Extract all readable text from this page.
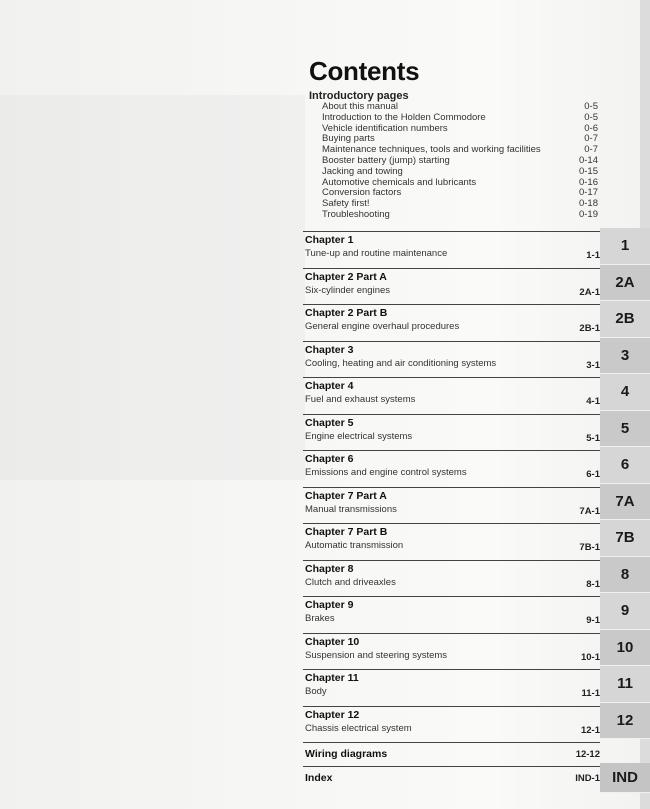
Contents
Introductory pages
About this manual	0-5
Introduction to the Holden Commodore	0-5
Vehicle identification numbers	0-6
Buying parts	0-7
Maintenance techniques, tools and working facilities	0-7
Booster battery (jump) starting	0-14
Jacking and towing	0-15
Automotive chemicals and lubricants	0-16
Conversion factors	0-17
Safety first!	0-18
Troubleshooting	0-19
Chapter 1
Tune-up and routine maintenance	1-1
Chapter 2 Part A
Six-cylinder engines	2A-1
Chapter 2 Part B
General engine overhaul procedures	2B-1
Chapter 3
Cooling, heating and air conditioning systems	3-1
Chapter 4
Fuel and exhaust systems	4-1
Chapter 5
Engine electrical systems	5-1
Chapter 6
Emissions and engine control systems	6-1
Chapter 7 Part A
Manual transmissions	7A-1
Chapter 7 Part B
Automatic transmission	7B-1
Chapter 8
Clutch and driveaxles	8-1
Chapter 9
Brakes	9-1
Chapter 10
Suspension and steering systems	10-1
Chapter 11
Body	11-1
Chapter 12
Chassis electrical system	12-1
Wiring diagrams	12-12
Index	IND-1
1
2A
2B
3
4
5
6
7A
7B
8
9
10
11
12
IND
